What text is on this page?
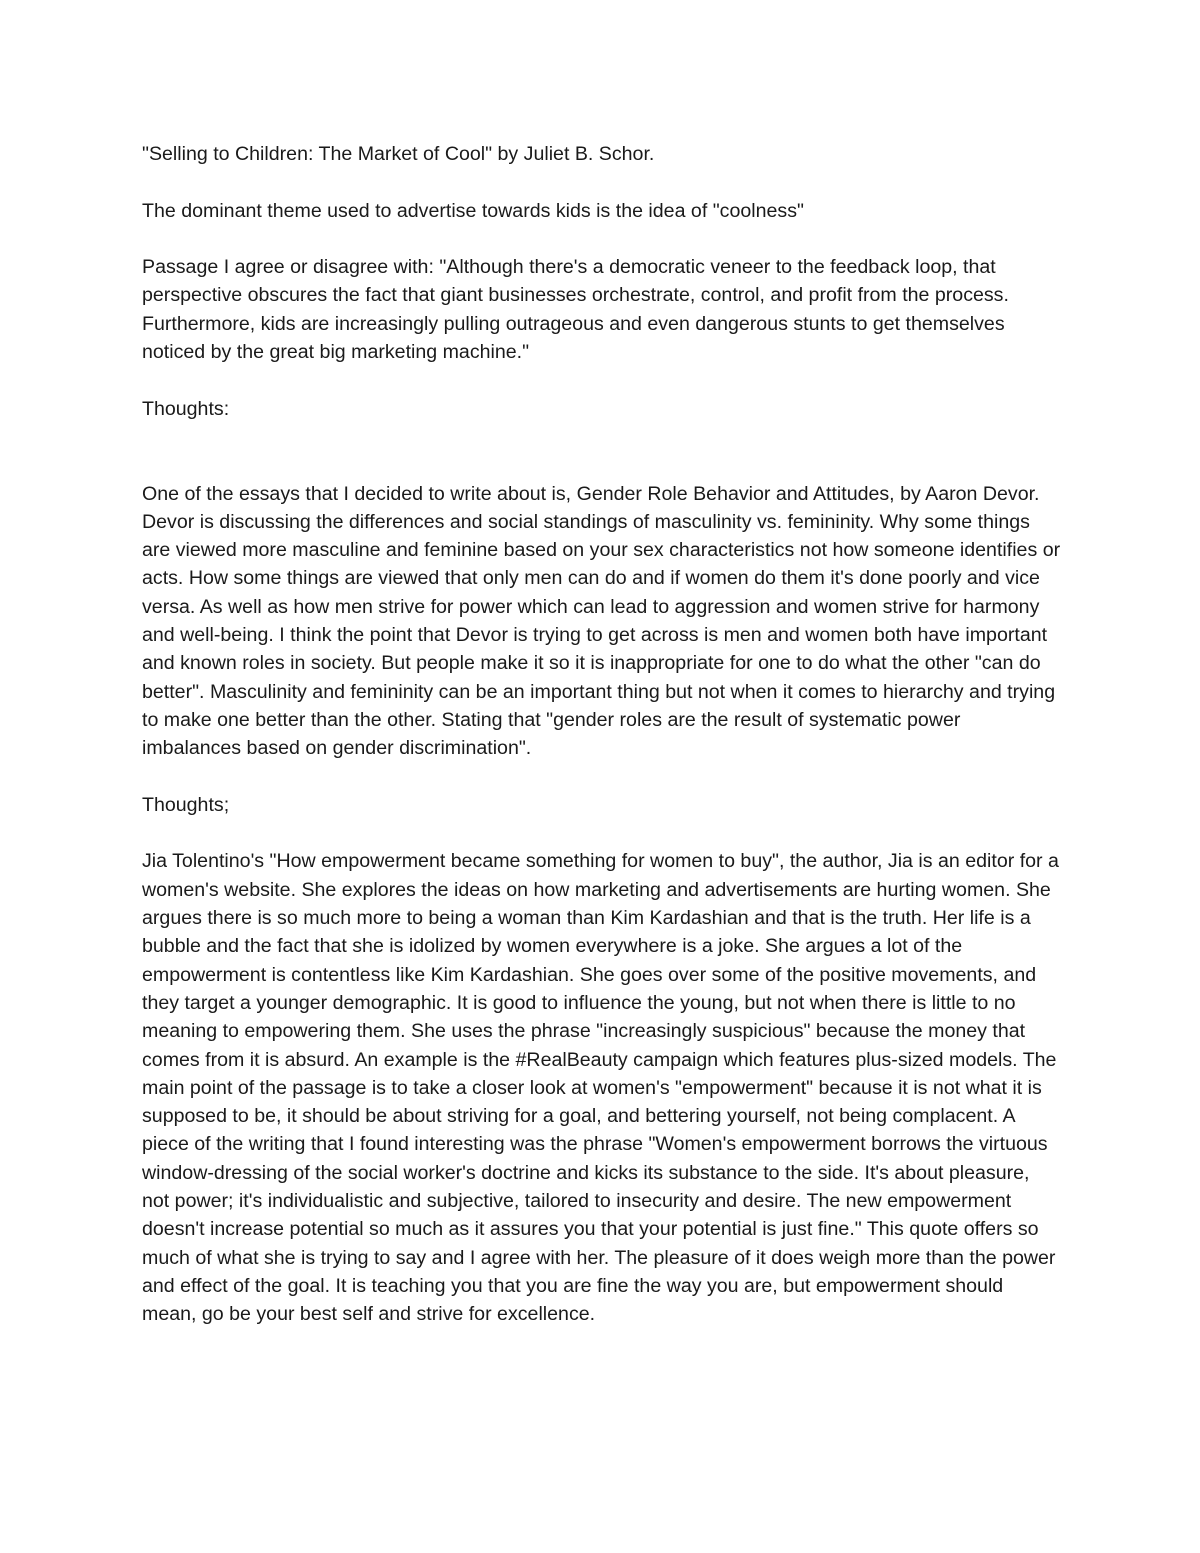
"Selling to Children: The Market of Cool" by Juliet B. Schor.

The dominant theme used to advertise towards kids is the idea of "coolness"

Passage I agree or disagree with: "Although there's a democratic veneer to the feedback loop, that perspective obscures the fact that giant businesses orchestrate, control, and profit from the process. Furthermore, kids are increasingly pulling outrageous and even dangerous stunts to get themselves noticed by the great big marketing machine."

Thoughts:

One of the essays that I decided to write about is, Gender Role Behavior and Attitudes, by Aaron Devor. Devor is discussing the differences and social standings of masculinity vs. femininity. Why some things are viewed more masculine and feminine based on your sex characteristics not how someone identifies or acts. How some things are viewed that only men can do and if women do them it's done poorly and vice versa. As well as how men strive for power which can lead to aggression and women strive for harmony and well-being. I think the point that Devor is trying to get across is men and women both have important and known roles in society. But people make it so it is inappropriate for one to do what the other "can do better". Masculinity and femininity can be an important thing but not when it comes to hierarchy and trying to make one better than the other. Stating that "gender roles are the result of systematic power imbalances based on gender discrimination".

Thoughts;

Jia Tolentino's "How empowerment became something for women to buy", the author, Jia is an editor for a women's website. She explores the ideas on how marketing and advertisements are hurting women. She argues there is so much more to being a woman than Kim Kardashian and that is the truth. Her life is a bubble and the fact that she is idolized by women everywhere is a joke. She argues a lot of the empowerment is contentless like Kim Kardashian. She goes over some of the positive movements, and they target a younger demographic. It is good to influence the young, but not when there is little to no meaning to empowering them. She uses the phrase "increasingly suspicious" because the money that comes from it is absurd. An example is the #RealBeauty campaign which features plus-sized models. The main point of the passage is to take a closer look at women's "empowerment" because it is not what it is supposed to be, it should be about striving for a goal, and bettering yourself, not being complacent. A piece of the writing that I found interesting was the phrase "Women's empowerment borrows the virtuous window-dressing of the social worker's doctrine and kicks its substance to the side. It's about pleasure, not power; it's individualistic and subjective, tailored to insecurity and desire. The new empowerment doesn't increase potential so much as it assures you that your potential is just fine." This quote offers so much of what she is trying to say and I agree with her. The pleasure of it does weigh more than the power and effect of the goal. It is teaching you that you are fine the way you are, but empowerment should mean, go be your best self and strive for excellence.
